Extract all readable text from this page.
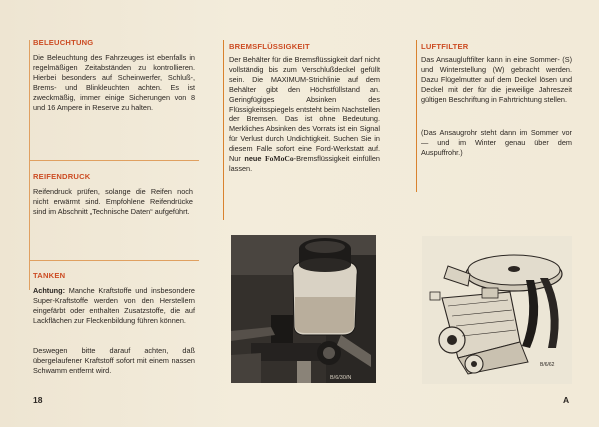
BELEUCHTUNG

Die Beleuchtung des Fahrzeuges ist ebenfalls in regelmäßigen Zeitabständen zu kontrollieren. Hierbei besonders auf Scheinwerfer, Schluß-, Brems- und Blinkleuchten achten. Es ist zweckmäßig, immer einige Sicherungen von 8 und 16 Ampere in Reserve zu halten.

REIFENDRUCK

Reifendruck prüfen, solange die Reifen noch nicht erwärmt sind. Empfohlene Reifendrücke sind im Abschnitt „Technische Daten“ aufgeführt.

TANKEN

Achtung: Manche Kraftstoffe und insbesondere Super-Kraftstoffe werden von den Herstellern eingefärbt oder enthalten Zusatzstoffe, die auf Lackflächen zur Fleckenbildung führen können.

Deswegen bitte darauf achten, daß übergelaufener Kraftstoff sofort mit einem nassen Schwamm entfernt wird.

BREMSFLÜSSIGKEIT

Der Behälter für die Bremsflüssigkeit darf nicht vollständig bis zum Verschlußdeckel gefüllt sein. Die MAXIMUM-Strichlinie auf dem Behälter gibt den Höchstfüllstand an. Geringfügiges Absinken des Flüssigkeitsspiegels entsteht beim Nachstellen der Bremsen. Das ist ohne Bedeutung. Merkliches Absinken des Vorrats ist ein Signal für Verlust durch Undichtigkeit. Suchen Sie in diesem Falle sofort eine Ford-Werkstatt auf. Nur neue FoMoCo-Bremsflüssigkeit einfüllen lassen.

B/6/30/N
LUFTFILTER

Das Ansaugluftfilter kann in eine Sommer- (S) und Winterstellung (W) gebracht werden. Dazu Flügelmutter auf dem Deckel lösen und Deckel mit der für die jeweilige Jahreszeit gültigen Beschriftung in Fahrtrichtung stellen.

(Das Ansaugrohr steht dann im Sommer vor — und im Winter genau über dem Auspuffrohr.)

B/6/62
18	A
